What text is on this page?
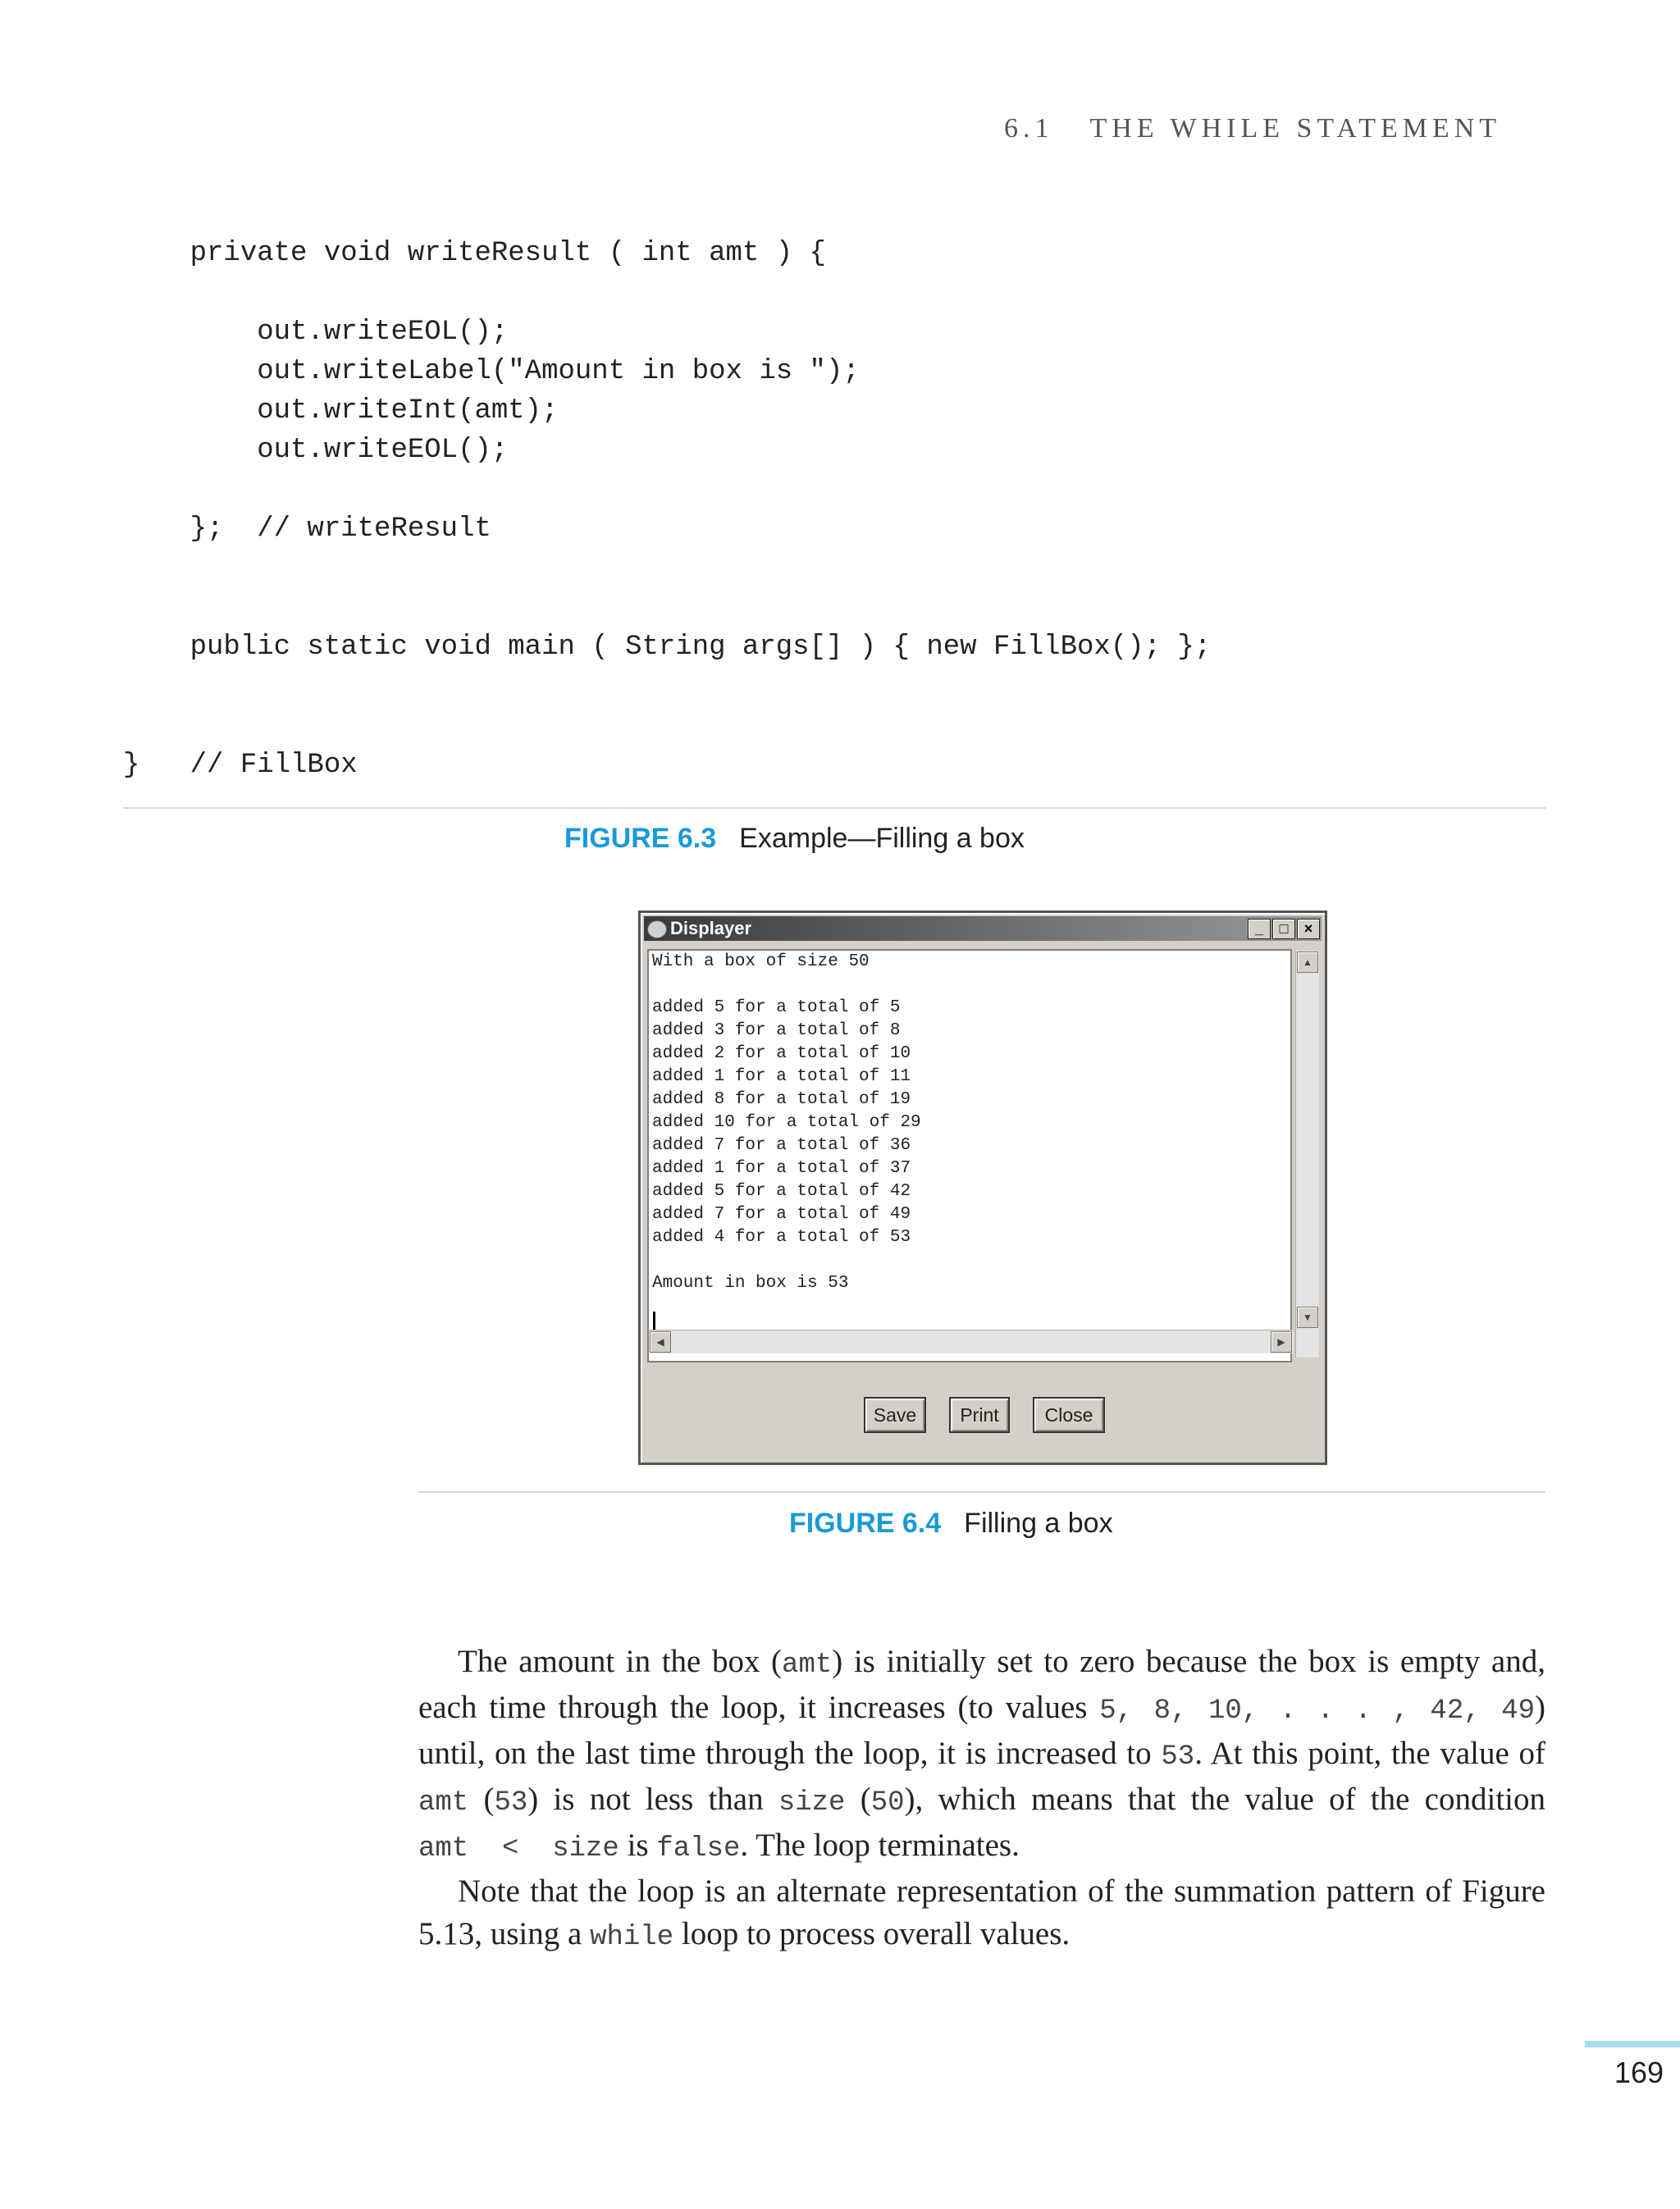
6.1 THE WHILE STATEMENT
private void writeResult ( int amt ) {
out.writeEOL();
out.writeLabel("Amount in box is ");
out.writeInt(amt);
out.writeEOL();
};  // writeResult
public static void main ( String args[] ) { new FillBox(); };
}   // FillBox
FIGURE 6.3 Example—Filling a box
Displayer	_	□	×
With a box of size 50
added 5 for a total of 5
added 3 for a total of 8
added 2 for a total of 10
added 1 for a total of 11
added 8 for a total of 19
added 10 for a total of 29
added 7 for a total of 36
added 1 for a total of 37
added 5 for a total of 42
added 7 for a total of 49
added 4 for a total of 53
Amount in box is 53
▲
▼
◀	▶
Save	Print	Close
FIGURE 6.4 Filling a box

The amount in the box (amt) is initially set to zero because the box is empty and, each time through the loop, it increases (to values 5, 8, 10, . . . , 42, 49) until, on the last time through the loop, it is increased to 53. At this point, the value of amt (53) is not less than size (50), which means that the value of the condition amt  <  size is false. The loop terminates.

Note that the loop is an alternate representation of the summation pattern of Figure 5.13, using a while loop to process overall values.

169
